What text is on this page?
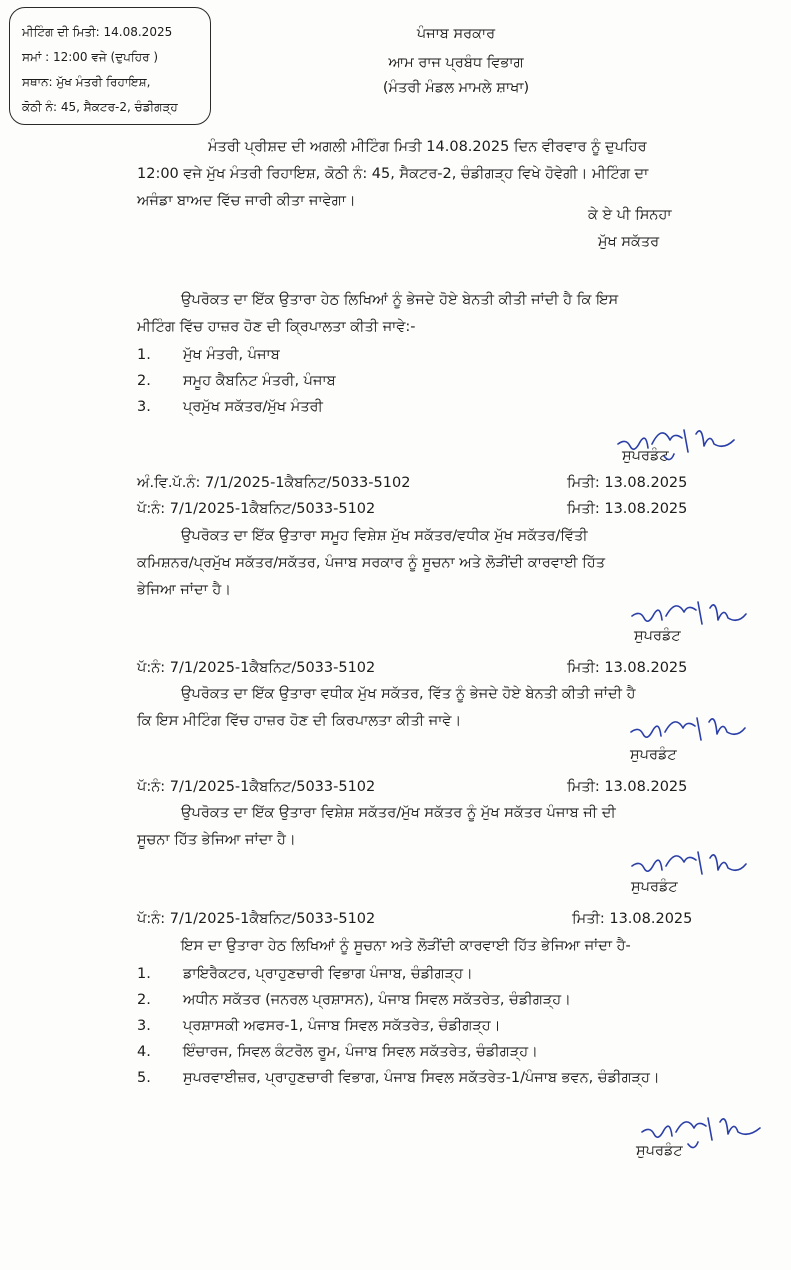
ਮੀਟਿੰਗ ਦੀ ਮਿਤੀ: 14.08.2025
ਸਮਾਂ : 12:00 ਵਜੇ (ਦੁਪਹਿਰ )
ਸਥਾਨ: ਮੁੱਖ ਮੰਤਰੀ ਰਿਹਾਇਸ਼,
ਕੋਠੀ ਨੰ: 45, ਸੈਕਟਰ-2, ਚੰਡੀਗੜ੍ਹ
ਪੰਜਾਬ ਸਰਕਾਰ
ਆਮ ਰਾਜ ਪ੍ਰਬੰਧ ਵਿਭਾਗ
(ਮੰਤਰੀ ਮੰਡਲ ਮਾਮਲੇ ਸ਼ਾਖਾ)
ਮੰਤਰੀ ਪ੍ਰੀਸ਼ਦ ਦੀ ਅਗਲੀ ਮੀਟਿੰਗ ਮਿਤੀ 14.08.2025 ਦਿਨ ਵੀਰਵਾਰ ਨੂੰ ਦੁਪਹਿਰ
12:00 ਵਜੇ ਮੁੱਖ ਮੰਤਰੀ ਰਿਹਾਇਸ਼, ਕੋਠੀ ਨੰ: 45, ਸੈਕਟਰ-2, ਚੰਡੀਗੜ੍ਹ ਵਿਖੇ ਹੋਵੇਗੀ। ਮੀਟਿੰਗ ਦਾ
ਅਜੰਡਾ ਬਾਅਦ ਵਿੱਚ ਜਾਰੀ ਕੀਤਾ ਜਾਵੇਗਾ।
ਕੇ ਏ ਪੀ ਸਿਨਹਾ
ਮੁੱਖ ਸਕੱਤਰ
ਉਪਰੋਕਤ ਦਾ ਇੱਕ ਉਤਾਰਾ ਹੇਠ ਲਿਖਿਆਂ ਨੂੰ ਭੇਜਦੇ ਹੋਏ ਬੇਨਤੀ ਕੀਤੀ ਜਾਂਦੀ ਹੈ ਕਿ ਇਸ
ਮੀਟਿੰਗ ਵਿੱਚ ਹਾਜ਼ਰ ਹੋਣ ਦੀ ਕ੍ਰਿਪਾਲਤਾ ਕੀਤੀ ਜਾਵੇ:-
1. ਮੁੱਖ ਮੰਤਰੀ, ਪੰਜਾਬ
2. ਸਮੂਹ ਕੈਬਨਿਟ ਮੰਤਰੀ, ਪੰਜਾਬ
3. ਪ੍ਰਮੁੱਖ ਸਕੱਤਰ/ਮੁੱਖ ਮੰਤਰੀ
ਸੁਪਰਡੰਟ
ਅੰ.ਵਿ.ਪੱ.ਨੰ: 7/1/2025-1ਕੈਬਨਿਟ/5033-5102	ਮਿਤੀ: 13.08.2025
ਪੱ:ਨੰ: 7/1/2025-1ਕੈਬਨਿਟ/5033-5102	ਮਿਤੀ: 13.08.2025
ਉਪਰੋਕਤ ਦਾ ਇੱਕ ਉਤਾਰਾ ਸਮੂਹ ਵਿਸ਼ੇਸ਼ ਮੁੱਖ ਸਕੱਤਰ/ਵਧੀਕ ਮੁੱਖ ਸਕੱਤਰ/ਵਿੱਤੀ
ਕਮਿਸ਼ਨਰ/ਪ੍ਰਮੁੱਖ ਸਕੱਤਰ/ਸਕੱਤਰ, ਪੰਜਾਬ ਸਰਕਾਰ ਨੂੰ ਸੂਚਨਾ ਅਤੇ ਲੋੜੀਂਦੀ ਕਾਰਵਾਈ ਹਿੱਤ
ਭੇਜਿਆ ਜਾਂਦਾ ਹੈ।
ਸੁਪਰਡੰਟ
ਪੱ:ਨੰ: 7/1/2025-1ਕੈਬਨਿਟ/5033-5102	ਮਿਤੀ: 13.08.2025
ਉਪਰੋਕਤ ਦਾ ਇੱਕ ਉਤਾਰਾ ਵਧੀਕ ਮੁੱਖ ਸਕੱਤਰ, ਵਿੱਤ ਨੂੰ ਭੇਜਦੇ ਹੋਏ ਬੇਨਤੀ ਕੀਤੀ ਜਾਂਦੀ ਹੈ
ਕਿ ਇਸ ਮੀਟਿੰਗ ਵਿੱਚ ਹਾਜ਼ਰ ਹੋਣ ਦੀ ਕਿਰਪਾਲਤਾ ਕੀਤੀ ਜਾਵੇ।
ਸੁਪਰਡੰਟ
ਪੱ:ਨੰ: 7/1/2025-1ਕੈਬਨਿਟ/5033-5102	ਮਿਤੀ: 13.08.2025
ਉਪਰੋਕਤ ਦਾ ਇੱਕ ਉਤਾਰਾ ਵਿਸ਼ੇਸ਼ ਸਕੱਤਰ/ਮੁੱਖ ਸਕੱਤਰ ਨੂੰ ਮੁੱਖ ਸਕੱਤਰ ਪੰਜਾਬ ਜੀ ਦੀ
ਸੂਚਨਾ ਹਿੱਤ ਭੇਜਿਆ ਜਾਂਦਾ ਹੈ।
ਸੁਪਰਡੰਟ
ਪੱ:ਨੰ: 7/1/2025-1ਕੈਬਨਿਟ/5033-5102	ਮਿਤੀ: 13.08.2025
ਇਸ ਦਾ ਉਤਾਰਾ ਹੇਠ ਲਿਖਿਆਂ ਨੂੰ ਸੂਚਨਾ ਅਤੇ ਲੋੜੀਂਦੀ ਕਾਰਵਾਈ ਹਿੱਤ ਭੇਜਿਆ ਜਾਂਦਾ ਹੈ-
1. ਡਾਇਰੈਕਟਰ, ਪ੍ਰਾਹੁਣਚਾਰੀ ਵਿਭਾਗ ਪੰਜਾਬ, ਚੰਡੀਗੜ੍ਹ।
2. ਅਧੀਨ ਸਕੱਤਰ (ਜਨਰਲ ਪ੍ਰਸ਼ਾਸਨ), ਪੰਜਾਬ ਸਿਵਲ ਸਕੱਤਰੇਤ, ਚੰਡੀਗੜ੍ਹ।
3. ਪ੍ਰਸ਼ਾਸਕੀ ਅਫਸਰ-1, ਪੰਜਾਬ ਸਿਵਲ ਸਕੱਤਰੇਤ, ਚੰਡੀਗੜ੍ਹ।
4. ਇੰਚਾਰਜ, ਸਿਵਲ ਕੰਟਰੋਲ ਰੂਮ, ਪੰਜਾਬ ਸਿਵਲ ਸਕੱਤਰੇਤ, ਚੰਡੀਗੜ੍ਹ।
5. ਸੁਪਰਵਾਈਜ਼ਰ, ਪ੍ਰਾਹੁਣਚਾਰੀ ਵਿਭਾਗ, ਪੰਜਾਬ ਸਿਵਲ ਸਕੱਤਰੇਤ-1/ਪੰਜਾਬ ਭਵਨ, ਚੰਡੀਗੜ੍ਹ।
ਸੁਪਰਡੰਟ
